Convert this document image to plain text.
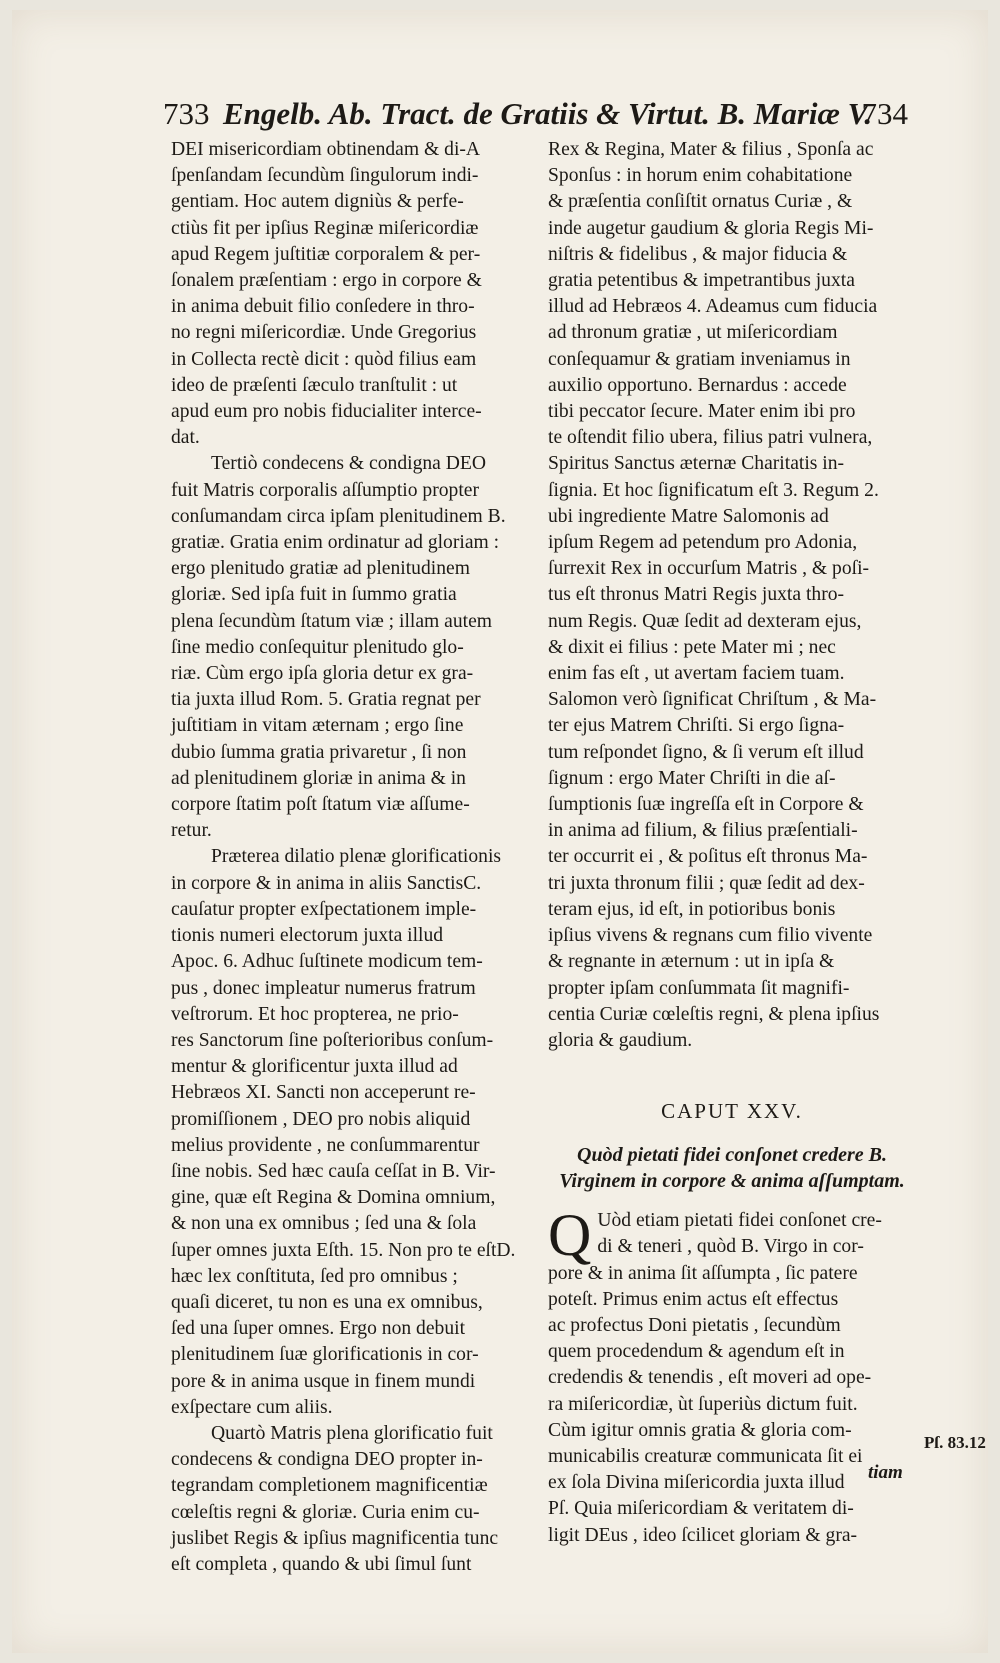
733 Engelb. Ab. Tract. de Gratiis & Virtut. B. Mariæ V.
734

DEI misericordiam obtinendam & di-A

ſpenſandam ſecundùm ſingulorum indi-

gentiam. Hoc autem digniùs & perfe-

ctiùs fit per ipſius Reginæ miſericordiæ

apud Regem juſtitiæ corporalem & per-

ſonalem præſentiam : ergo in corpore &

in anima debuit filio conſedere in thro-

no regni miſericordiæ. Unde Gregorius

in Collecta rectè dicit : quòd filius eam

ideo de præſenti ſæculo tranſtulit : ut

apud eum pro nobis fiducialiter interce-

dat.

Tertiò condecens & condigna DEO

fuit Matris corporalis aſſumptio propter

conſumandam circa ipſam plenitudinem B.

gratiæ. Gratia enim ordinatur ad gloriam :

ergo plenitudo gratiæ ad plenitudinem

gloriæ. Sed ipſa fuit in ſummo gratia

plena ſecundùm ſtatum viæ ; illam autem

ſine medio conſequitur plenitudo glo-

riæ. Cùm ergo ipſa gloria detur ex gra-

tia juxta illud Rom. 5. Gratia regnat per

juſtitiam in vitam æternam ; ergo ſine

dubio ſumma gratia privaretur , ſi non

ad plenitudinem gloriæ in anima & in

corpore ſtatim poſt ſtatum viæ aſſume-

retur.

Præterea dilatio plenæ glorificationis

in corpore & in anima in aliis SanctisC.

cauſatur propter exſpectationem imple-

tionis numeri electorum juxta illud

Apoc. 6. Adhuc ſuſtinete modicum tem-

pus , donec impleatur numerus fratrum

veſtrorum. Et hoc propterea, ne prio-

res Sanctorum ſine poſterioribus conſum-

mentur & glorificentur juxta illud ad

Hebræos XI. Sancti non acceperunt re-

promiſſionem , DEO pro nobis aliquid

melius providente , ne conſummarentur

ſine nobis. Sed hæc cauſa ceſſat in B. Vir-

gine, quæ eſt Regina & Domina omnium,

& non una ex omnibus ; ſed una & ſola

ſuper omnes juxta Eſth. 15. Non pro te eſtD.

hæc lex conſtituta, ſed pro omnibus ;

quaſi diceret, tu non es una ex omnibus,

ſed una ſuper omnes. Ergo non debuit

plenitudinem ſuæ glorificationis in cor-

pore & in anima usque in finem mundi

exſpectare cum aliis.

Quartò Matris plena glorificatio fuit

condecens & condigna DEO propter in-

tegrandam completionem magnificentiæ

cœleſtis regni & gloriæ. Curia enim cu-

juslibet Regis & ipſius magnificentia tunc

eſt completa , quando & ubi ſimul ſunt

Rex & Regina, Mater & filius , Sponſa ac

Sponſus : in horum enim cohabitatione

& præſentia conſiſtit ornatus Curiæ , &

inde augetur gaudium & gloria Regis Mi-

niſtris & fidelibus , & major fiducia &

gratia petentibus & impetrantibus juxta

illud ad Hebræos 4. Adeamus cum fiducia

ad thronum gratiæ , ut miſericordiam

conſequamur & gratiam inveniamus in

auxilio opportuno. Bernardus : accede

tibi peccator ſecure. Mater enim ibi pro

te oſtendit filio ubera, filius patri vulnera,

Spiritus Sanctus æternæ Charitatis in-

ſignia. Et hoc ſignificatum eſt 3. Regum 2.

ubi ingrediente Matre Salomonis ad

ipſum Regem ad petendum pro Adonia,

ſurrexit Rex in occurſum Matris , & poſi-

tus eſt thronus Matri Regis juxta thro-

num Regis. Quæ ſedit ad dexteram ejus,

& dixit ei filius : pete Mater mi ; nec

enim fas eſt , ut avertam faciem tuam.

Salomon verò ſignificat Chriſtum , & Ma-

ter ejus Matrem Chriſti. Si ergo ſigna-

tum reſpondet ſigno, & ſi verum eſt illud

ſignum : ergo Mater Chriſti in die aſ-

ſumptionis ſuæ ingreſſa eſt in Corpore &

in anima ad filium, & filius præſentiali-

ter occurrit ei , & poſitus eſt thronus Ma-

tri juxta thronum filii ; quæ ſedit ad dex-

teram ejus, id eſt, in potioribus bonis

ipſius vivens & regnans cum filio vivente

& regnante in æternum : ut in ipſa &

propter ipſam conſummata ſit magnifi-

centia Curiæ cœleſtis regni, & plena ipſius

gloria & gaudium.

CAPUT XXV.
Quòd pietati fidei conſonet credere B. Virginem in corpore & anima aſſumptam.
Q Uòd etiam pietati fidei conſonet cre-

di & teneri , quòd B. Virgo in cor-

pore & in anima ſit aſſumpta , ſic patere

poteſt. Primus enim actus eſt effectus

ac profectus Doni pietatis , ſecundùm

quem procedendum & agendum eſt in

credendis & tenendis , eſt moveri ad ope-

ra miſericordiæ, ùt ſuperiùs dictum fuit.

Cùm igitur omnis gratia & gloria com-

municabilis creaturæ communicata ſit ei

ex ſola Divina miſericordia juxta illud

Pſ. Quia miſericordiam & veritatem di-

ligit DEus , ideo ſcilicet gloriam & gra-

Pſ. 83.12
tiam
